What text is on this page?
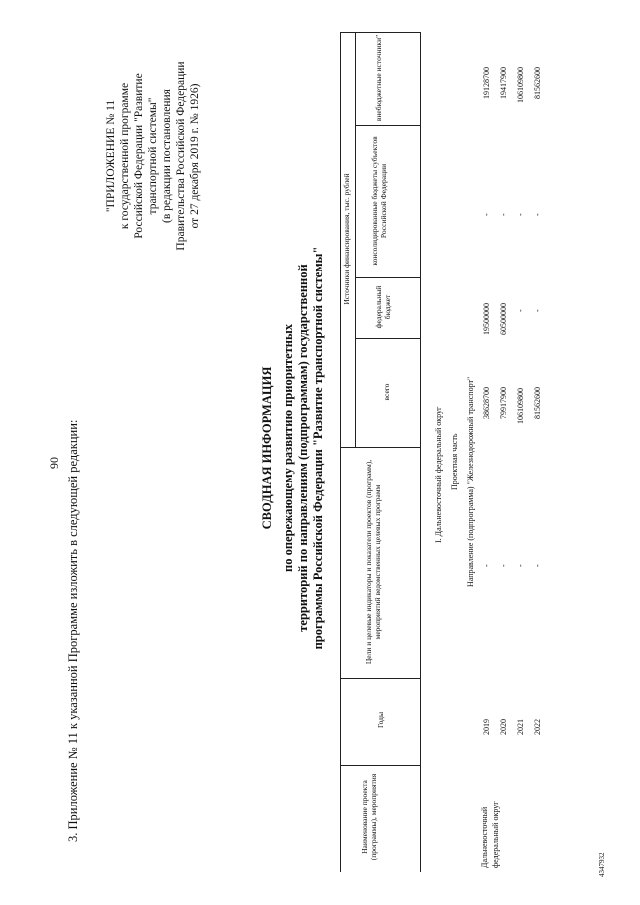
90 3. Приложение № 11 к указанной Программе изложить в следующей редакции:
"ПРИЛОЖЕНИЕ № 11 к государственной программе Российской Федерации "Развитие транспортной системы" (в редакции постановления Правительства Российской Федерации от 27 декабря 2019 г. № 1926)
СВОДНАЯ ИНФОРМАЦИЯ по опережающему развитию приоритетных территорий по направлениям (подпрограммам) государственной программы Российской Федерации "Развитие транспортной системы"
Наименование проекта (программы), мероприятия
Годы
Цели и целевые индикаторы и показатели проектов (программ), мероприятий ведомственных целевых программ
Источники финансирования, тыс. рублей
всего
федеральный бюджет
консолидированные бюджеты субъектов Российской Федерации
внебюджетные источники"
I. Дальневосточный федеральный округ Проектная часть Направление (подпрограмма) "Железнодорожный транспорт"
Дальневосточный федеральный округ
2019
-
38628700
19500000
-
19128700
2020
-
79917900
60500000
-
19417900
2021
-
106109800
-
-
106109800
2022
-
81562600
-
-
81562600
4347932
